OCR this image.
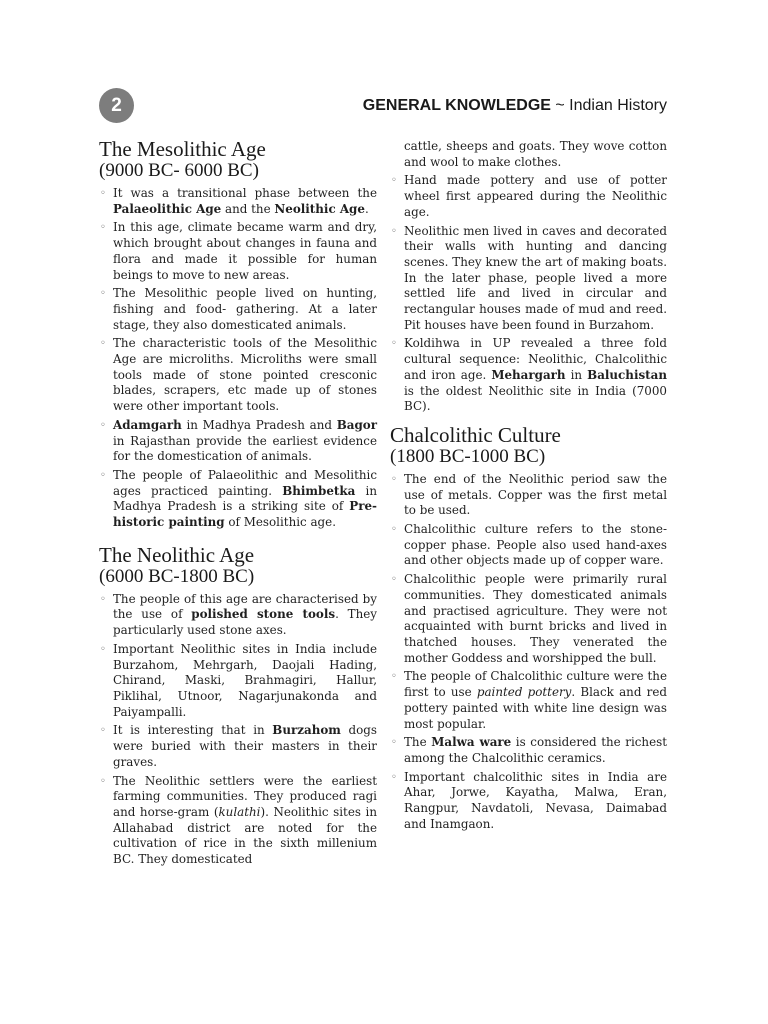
2	GENERAL KNOWLEDGE ~ Indian History
The Mesolithic Age
(9000 BC- 6000 BC)
◦ It was a transitional phase between the Palaeolithic Age and the Neolithic Age.
◦ In this age, climate became warm and dry, which brought about changes in fauna and flora and made it possible for human beings to move to new areas.
◦ The Mesolithic people lived on hunting, fishing and food- gathering. At a later stage, they also domesticated animals.
◦ The characteristic tools of the Mesolithic Age are microliths. Microliths were small tools made of stone pointed cresconic blades, scrapers, etc made up of stones were other important tools.
◦ Adamgarh in Madhya Pradesh and Bagor in Rajasthan provide the earliest evidence for the domestication of animals.
◦ The people of Palaeolithic and Mesolithic ages practiced painting. Bhimbetka in Madhya Pradesh is a striking site of Pre-historic painting of Mesolithic age.
The Neolithic Age
(6000 BC-1800 BC)
◦ The people of this age are characterised by the use of polished stone tools. They particularly used stone axes.
◦ Important Neolithic sites in India include Burzahom, Mehrgarh, Daojali Hading, Chirand, Maski, Brahmagiri, Hallur, Piklihal, Utnoor, Nagarjunakonda and Paiyampalli.
◦ It is interesting that in Burzahom dogs were buried with their masters in their graves.
◦ The Neolithic settlers were the earliest farming communities. They produced ragi and horse-gram (kulathi). Neolithic sites in Allahabad district are noted for the cultivation of rice in the sixth millenium BC. They domesticated
cattle, sheeps and goats. They wove cotton and wool to make clothes.
◦ Hand made pottery and use of potter wheel first appeared during the Neolithic age.
◦ Neolithic men lived in caves and decorated their walls with hunting and dancing scenes. They knew the art of making boats. In the later phase, people lived a more settled life and lived in circular and rectangular houses made of mud and reed. Pit houses have been found in Burzahom.
◦ Koldihwa in UP revealed a three fold cultural sequence: Neolithic, Chalcolithic and iron age. Mehargarh in Baluchistan is the oldest Neolithic site in India (7000 BC).
Chalcolithic Culture
(1800 BC-1000 BC)
◦ The end of the Neolithic period saw the use of metals. Copper was the first metal to be used.
◦ Chalcolithic culture refers to the stone-copper phase. People also used hand-axes and other objects made up of copper ware.
◦ Chalcolithic people were primarily rural communities. They domesticated animals and practised agriculture. They were not acquainted with burnt bricks and lived in thatched houses. They venerated the mother Goddess and worshipped the bull.
◦ The people of Chalcolithic culture were the first to use painted pottery. Black and red pottery painted with white line design was most popular.
◦ The Malwa ware is considered the richest among the Chalcolithic ceramics.
◦ Important chalcolithic sites in India are Ahar, Jorwe, Kayatha, Malwa, Eran, Rangpur, Navdatoli, Nevasa, Daimabad and Inamgaon.
